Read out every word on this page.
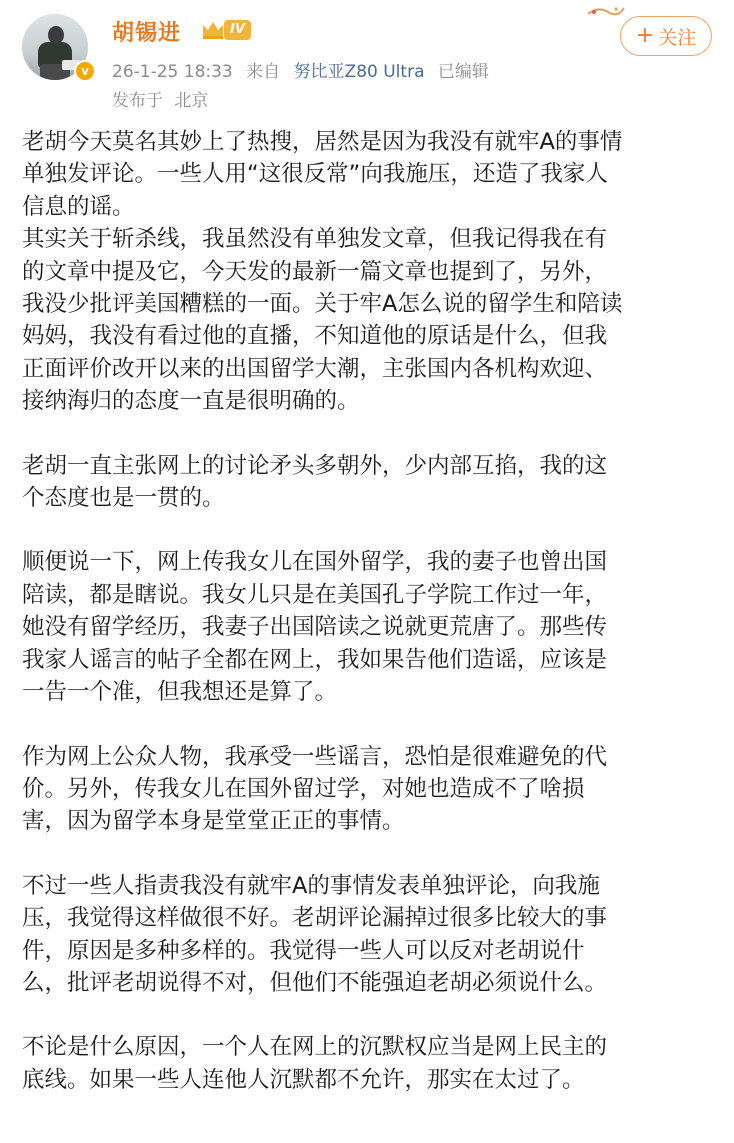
v
胡锡进	IV
26-1-25 18:33 来自 努比亚Z80 Ultra 已编辑
发布于 北京
+ 关注
老胡今天莫名其妙上了热搜，居然是因为我没有就牢A的事情
单独发评论。一些人用“这很反常”向我施压，还造了我家人
信息的谣。
其实关于斩杀线，我虽然没有单独发文章，但我记得我在有
的文章中提及它，今天发的最新一篇文章也提到了，另外，
我没少批评美国糟糕的一面。关于牢A怎么说的留学生和陪读
妈妈，我没有看过他的直播，不知道他的原话是什么，但我
正面评价改开以来的出国留学大潮，主张国内各机构欢迎、
接纳海归的态度一直是很明确的。
老胡一直主张网上的讨论矛头多朝外，少内部互掐，我的这
个态度也是一贯的。
顺便说一下，网上传我女儿在国外留学，我的妻子也曾出国
陪读，都是瞎说。我女儿只是在美国孔子学院工作过一年，
她没有留学经历，我妻子出国陪读之说就更荒唐了。那些传
我家人谣言的帖子全都在网上，我如果告他们造谣，应该是
一告一个准，但我想还是算了。
作为网上公众人物，我承受一些谣言，恐怕是很难避免的代
价。另外，传我女儿在国外留过学，对她也造成不了啥损
害，因为留学本身是堂堂正正的事情。
不过一些人指责我没有就牢A的事情发表单独评论，向我施
压，我觉得这样做很不好。老胡评论漏掉过很多比较大的事
件，原因是多种多样的。我觉得一些人可以反对老胡说什
么，批评老胡说得不对，但他们不能强迫老胡必须说什么。
不论是什么原因，一个人在网上的沉默权应当是网上民主的
底线。如果一些人连他人沉默都不允许，那实在太过了。
